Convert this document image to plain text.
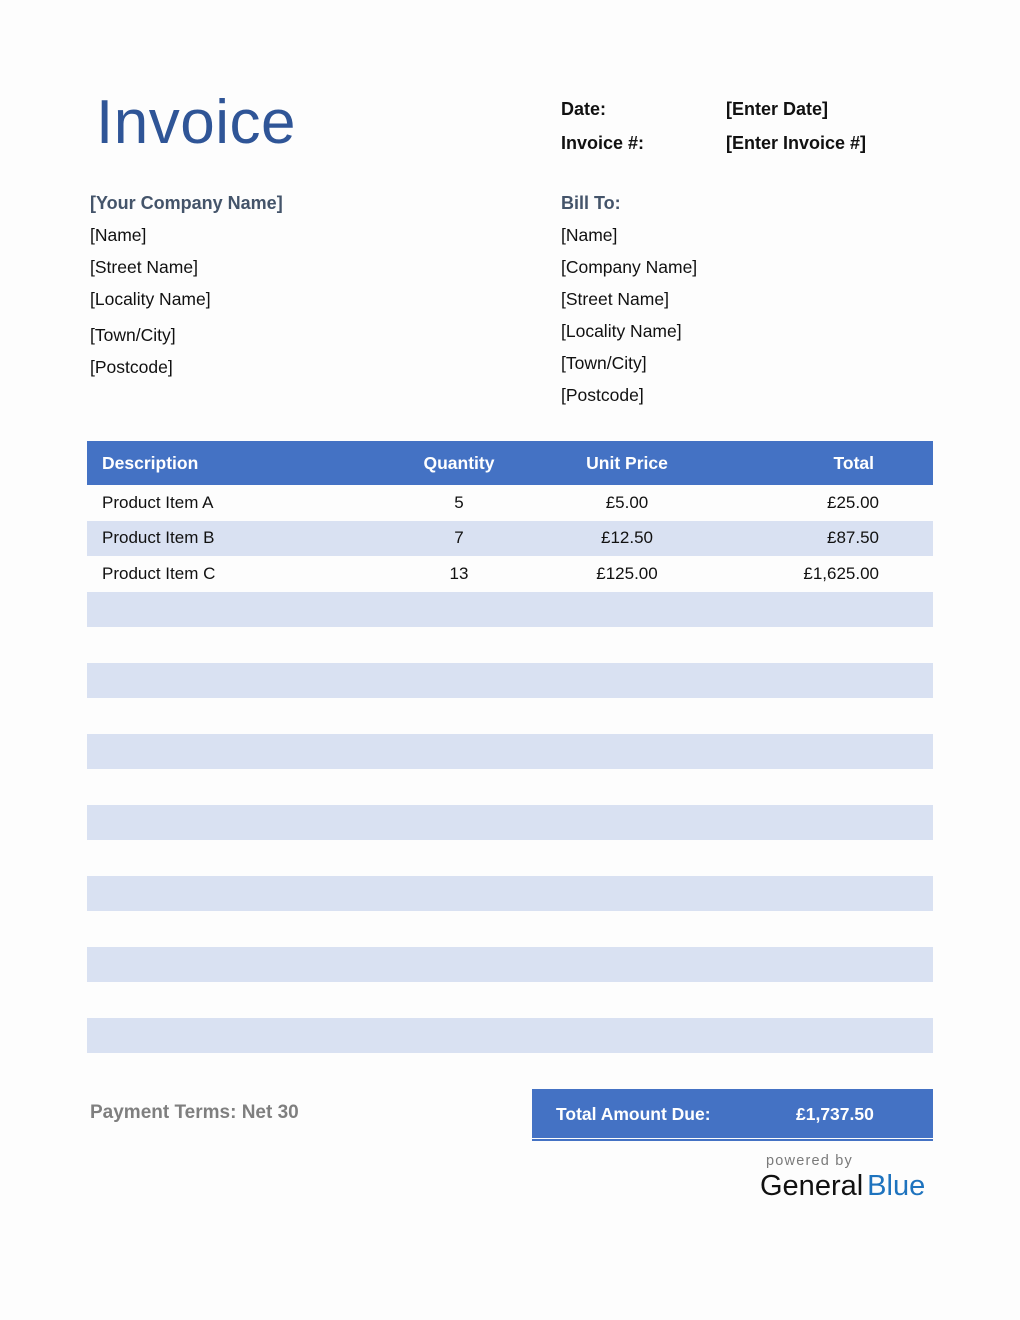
Invoice	Date:	[Enter Date]
Invoice #:	[Enter Invoice #]
[Your Company Name]
[Name]
[Street Name]
[Locality Name]
[Town/City]
[Postcode]
Bill To:
[Name]
[Company Name]
[Street Name]
[Locality Name]
[Town/City]
[Postcode]
Description	Quantity	Unit Price	Total
Product Item A	5	£5.00	£25.00
Product Item B	7	£12.50	£87.50
Product Item C	13	£125.00	£1,625.00
Payment Terms: Net 30	Total Amount Due:	£1,737.50
powered by
General Blue
